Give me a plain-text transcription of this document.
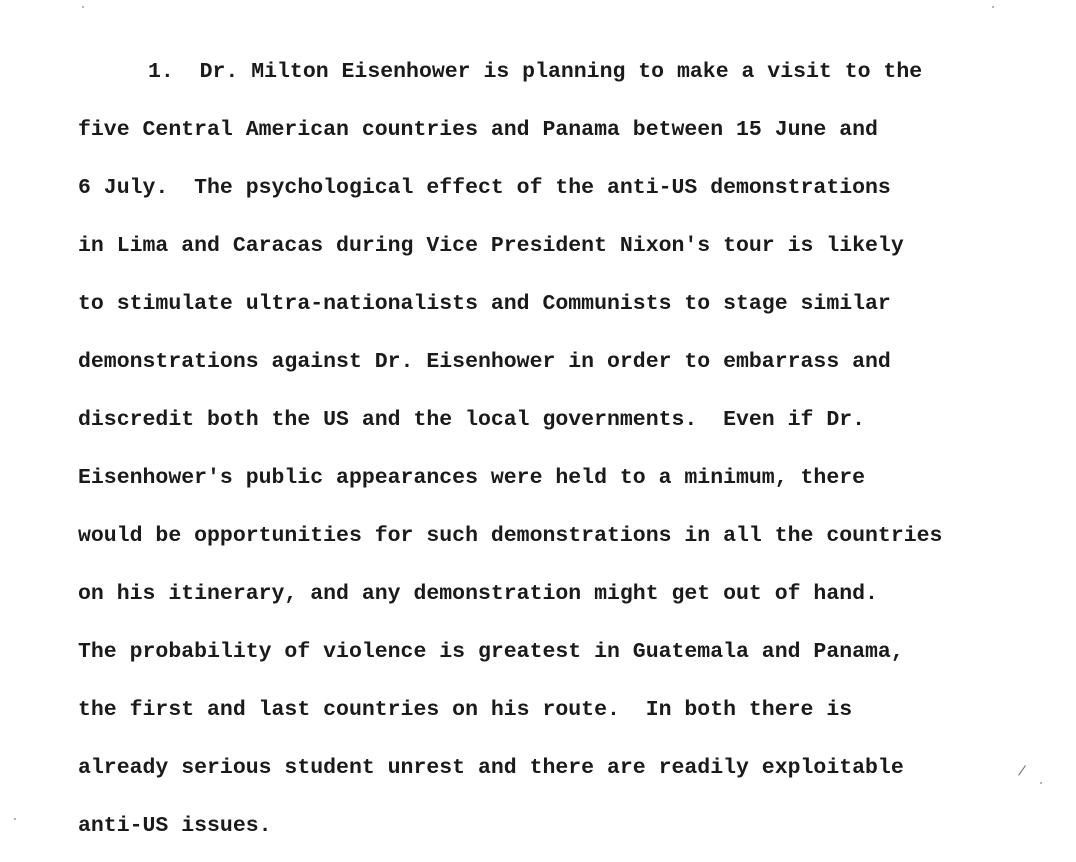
1.  Dr. Milton Eisenhower is planning to make a visit to the
five Central American countries and Panama between 15 June and
6 July.  The psychological effect of the anti-US demonstrations
in Lima and Caracas during Vice President Nixon's tour is likely
to stimulate ultra-nationalists and Communists to stage similar
demonstrations against Dr. Eisenhower in order to embarrass and
discredit both the US and the local governments.  Even if Dr.
Eisenhower's public appearances were held to a minimum, there
would be opportunities for such demonstrations in all the countries
on his itinerary, and any demonstration might get out of hand.
The probability of violence is greatest in Guatemala and Panama,
the first and last countries on his route.  In both there is
already serious student unrest and there are readily exploitable
anti-US issues.
